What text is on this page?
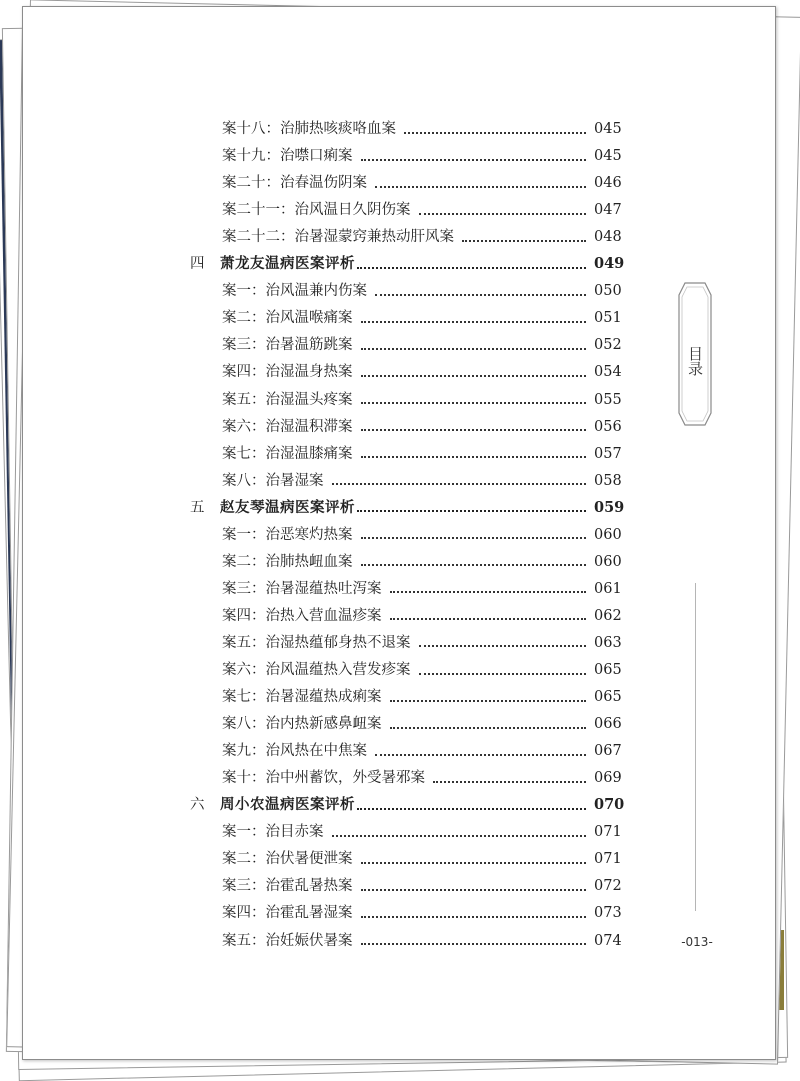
案十八：治肺热咳痰咯血案	045
案十九：治噤口痢案	045
案二十：治春温伤阴案	046
案二十一：治风温日久阴伤案	047
案二十二：治暑湿蒙窍兼热动肝风案	048
四	萧龙友温病医案评析	049
案一：治风温兼内伤案	050
案二：治风温喉痛案	051
案三：治暑温筋跳案	052
案四：治湿温身热案	054
案五：治湿温头疼案	055
案六：治湿温积滞案	056
案七：治湿温膝痛案	057
案八：治暑湿案	058
五	赵友琴温病医案评析	059
案一：治恶寒灼热案	060
案二：治肺热衄血案	060
案三：治暑湿蕴热吐泻案	061
案四：治热入营血温疹案	062
案五：治湿热蕴郁身热不退案	063
案六：治风温蕴热入营发疹案	065
案七：治暑湿蕴热成痢案	065
案八：治内热新感鼻衄案	066
案九：治风热在中焦案	067
案十：治中州蓄饮，外受暑邪案	069
六	周小农温病医案评析	070
案一：治目赤案	071
案二：治伏暑便泄案	071
案三：治霍乱暑热案	072
案四：治霍乱暑湿案	073
案五：治妊娠伏暑案	074
目录
-013-
